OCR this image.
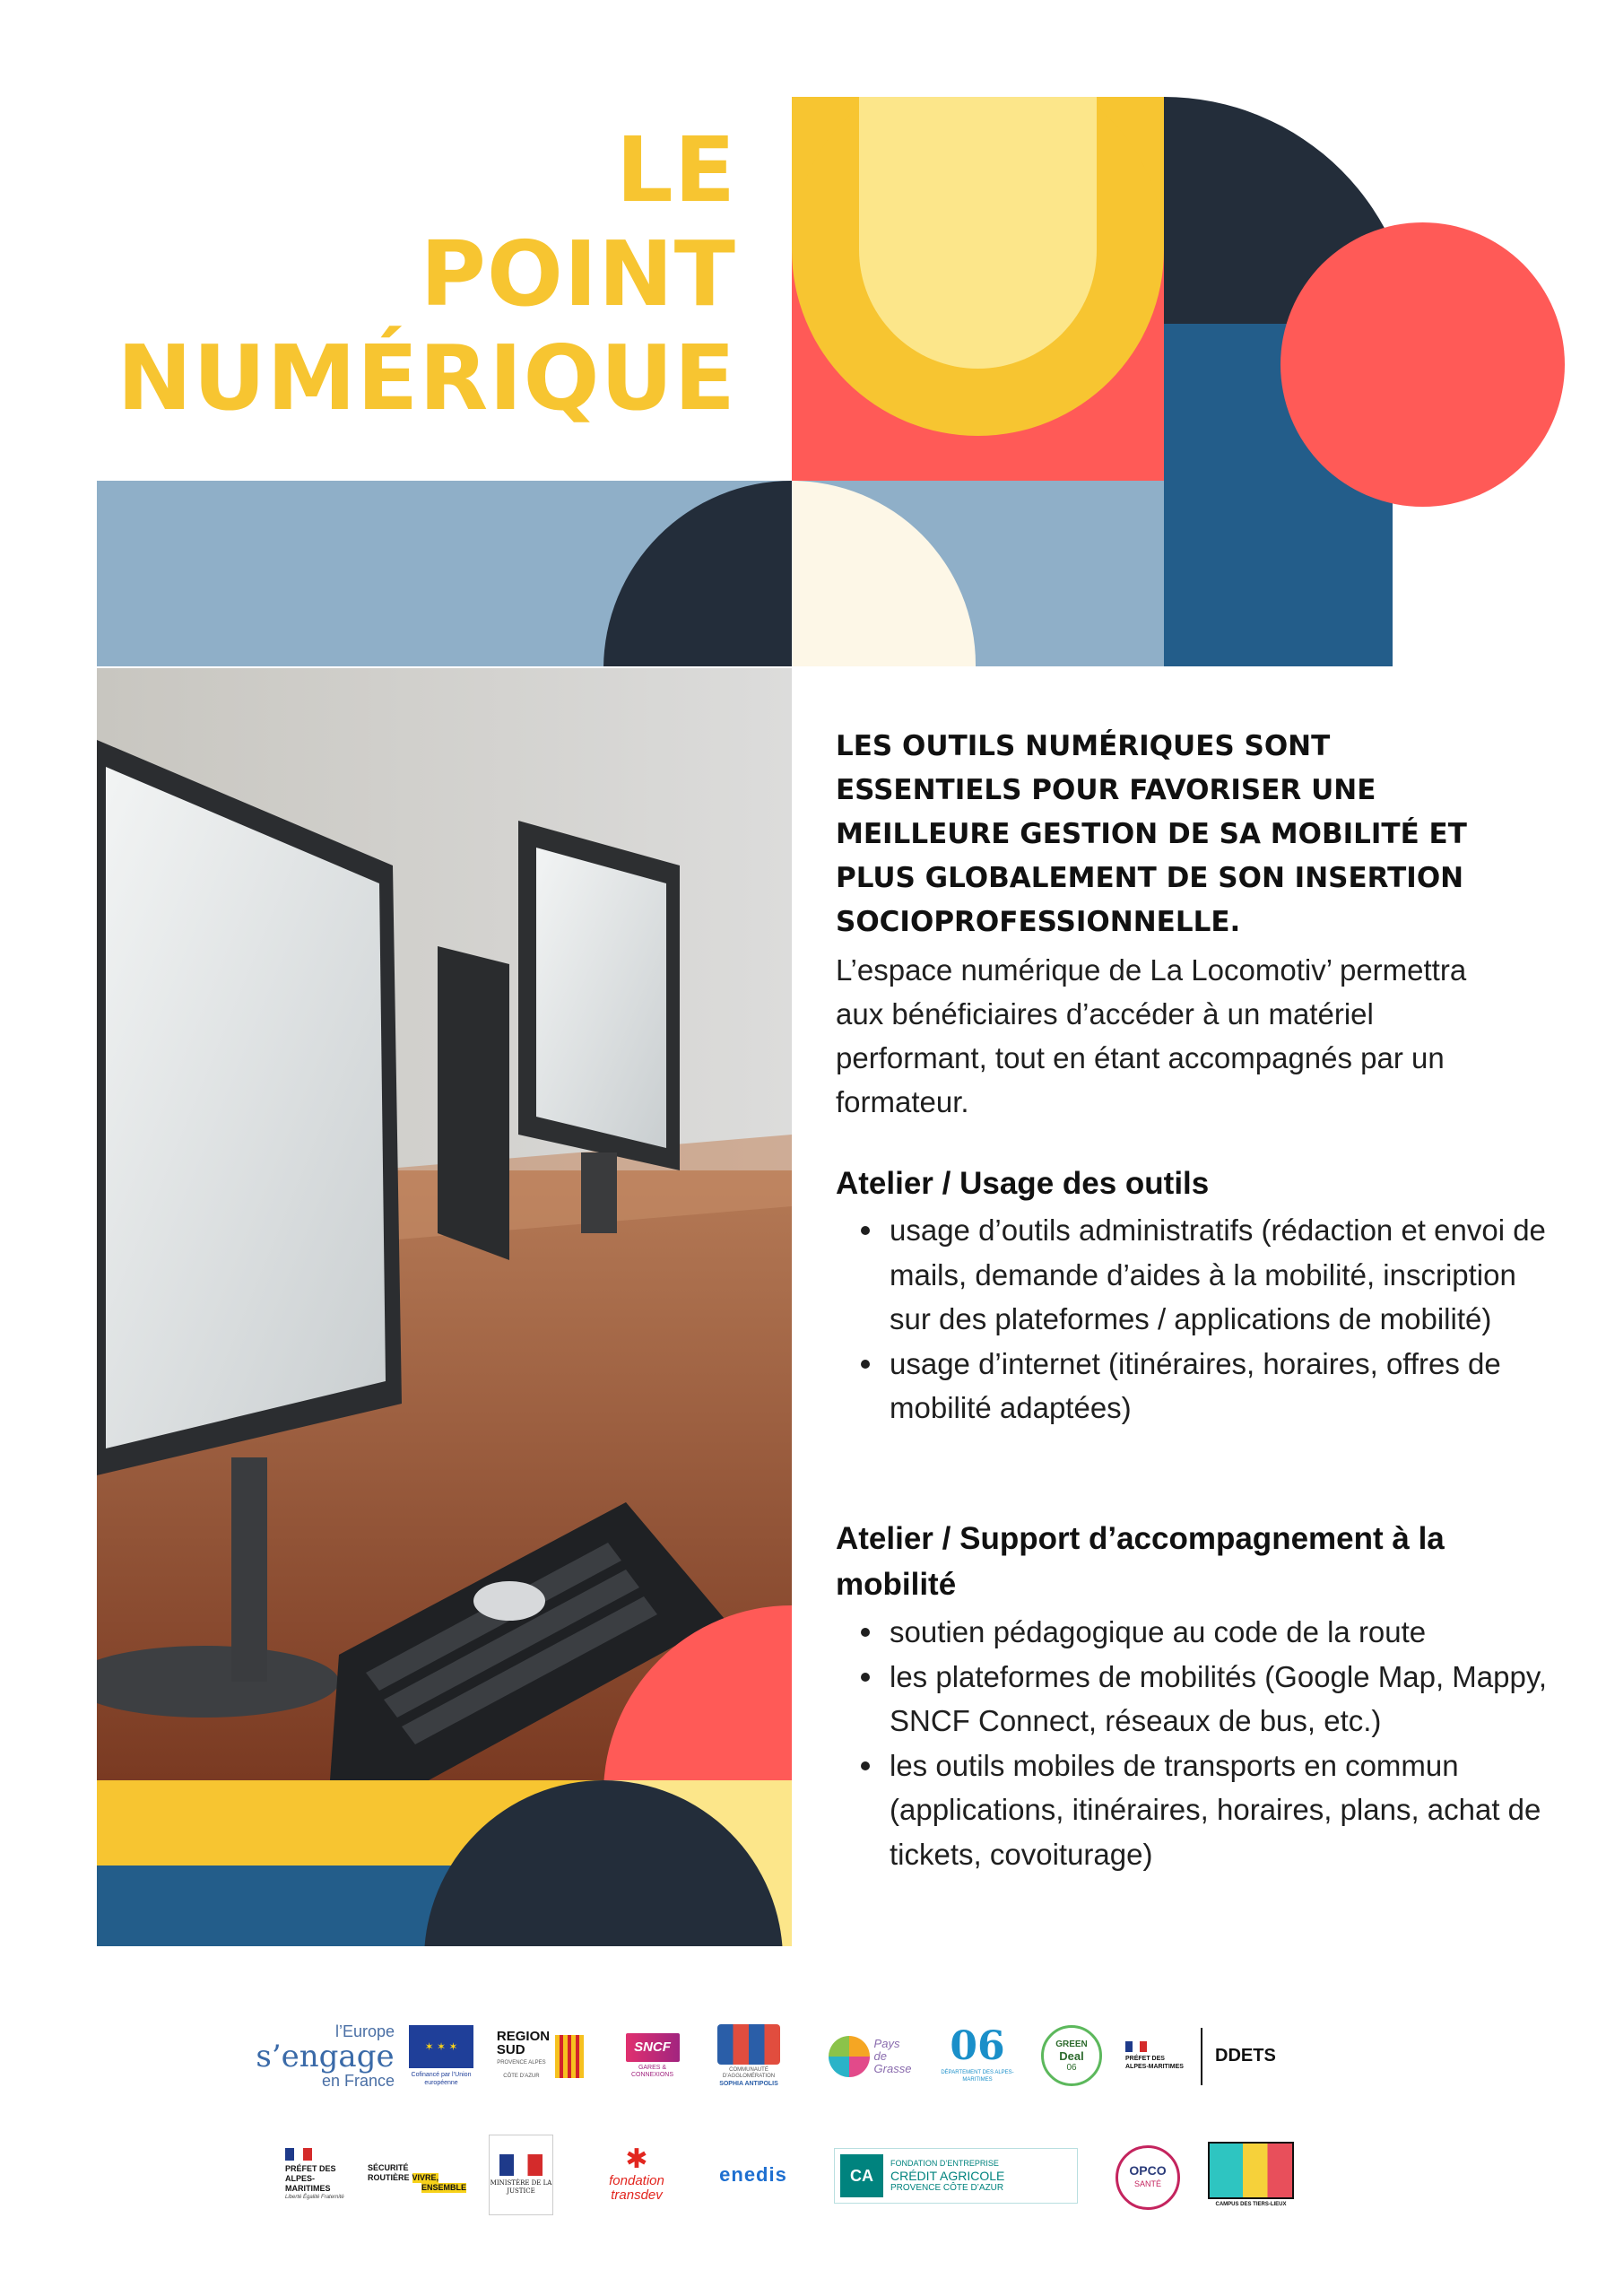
LE
POINT
NUMÉRIQUE

LES OUTILS NUMÉRIQUES SONT ESSENTIELS POUR FAVORISER UNE MEILLEURE GESTION DE SA MOBILITÉ ET PLUS GLOBALEMENT DE SON INSERTION SOCIOPROFESSIONNELLE.

L’espace numérique de La Locomotiv’ permettra aux bénéficiaires d’accéder à un matériel performant, tout en étant accompagnés par un formateur.

Atelier / Usage des outils
usage d’outils administratifs (rédaction et envoi de mails, demande d’aides à la mobilité, inscription sur des plateformes / applications de mobilité)
usage d’internet (itinéraires, horaires, offres de mobilité adaptées)
Atelier / Support d’accompagnement à la mobilité
soutien pédagogique au code de la route
les plateformes de mobilités (Google Map, Mappy, SNCF Connect, réseaux de bus, etc.)
les outils mobiles de transports en commun (applications, itinéraires, horaires, plans, achat de tickets, covoiturage)
l’Europe
s’engage
en France
✶ ✶ ✶
Cofinancé par l’Union européenne
REGION
SUD
PROVENCE ALPES CÔTE D’AZUR
SNCF
GARES & CONNEXIONS
COMMUNAUTÉ D’AGGLOMÉRATION
SOPHIA ANTIPOLIS
Pays
de
Grasse 06
DÉPARTEMENT DES ALPES-MARITIMES
GREEN
Deal
06
PRÉFET DES ALPES-MARITIMES
DDETS
PRÉFET DES ALPES-MARITIMES
Liberté Égalité Fraternité
SÉCURITÉ
ROUTIÈRE VIVRE,
ENSEMBLE	MINISTÈRE DE LA JUSTICE
✱
fondation
transdev
enedis	CA
FONDATION D’ENTREPRISE
CRÉDIT AGRICOLE
PROVENCE CÔTE D’AZUR
OPCO
SANTÉ
CAMPUS DES TIERS-LIEUX
